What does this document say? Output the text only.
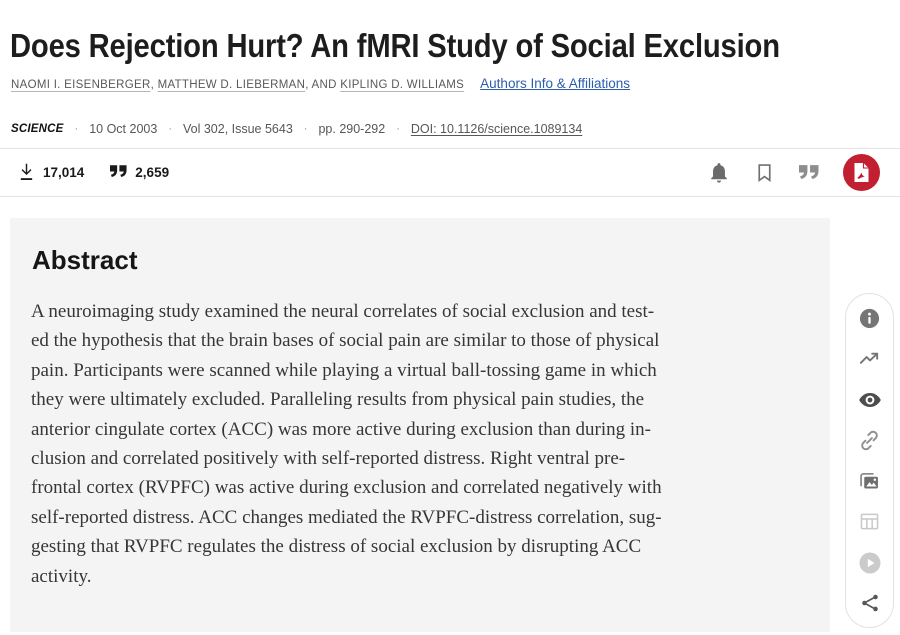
Does Rejection Hurt? An fMRI Study of Social Exclusion
NAOMI I. EISENBERGER , MATTHEW D. LIEBERMAN , AND KIPLING D. WILLIAMS Authors Info & Affiliations
SCIENCE · 10 Oct 2003 · Vol 302, Issue 5643 · pp. 290-292 · DOI: 10.1126/science.1089134
17,014	2,659
Abstract
A neuroimaging study examined the neural correlates of social exclusion and test-
ed the hypothesis that the brain bases of social pain are similar to those of physical
pain. Participants were scanned while playing a virtual ball-tossing game in which
they were ultimately excluded. Paralleling results from physical pain studies, the
anterior cingulate cortex (ACC) was more active during exclusion than during in-
clusion and correlated positively with self-reported distress. Right ventral pre-
frontal cortex (RVPFC) was active during exclusion and correlated negatively with
self-reported distress. ACC changes mediated the RVPFC-distress correlation, sug-
gesting that RVPFC regulates the distress of social exclusion by disrupting ACC
activity.
